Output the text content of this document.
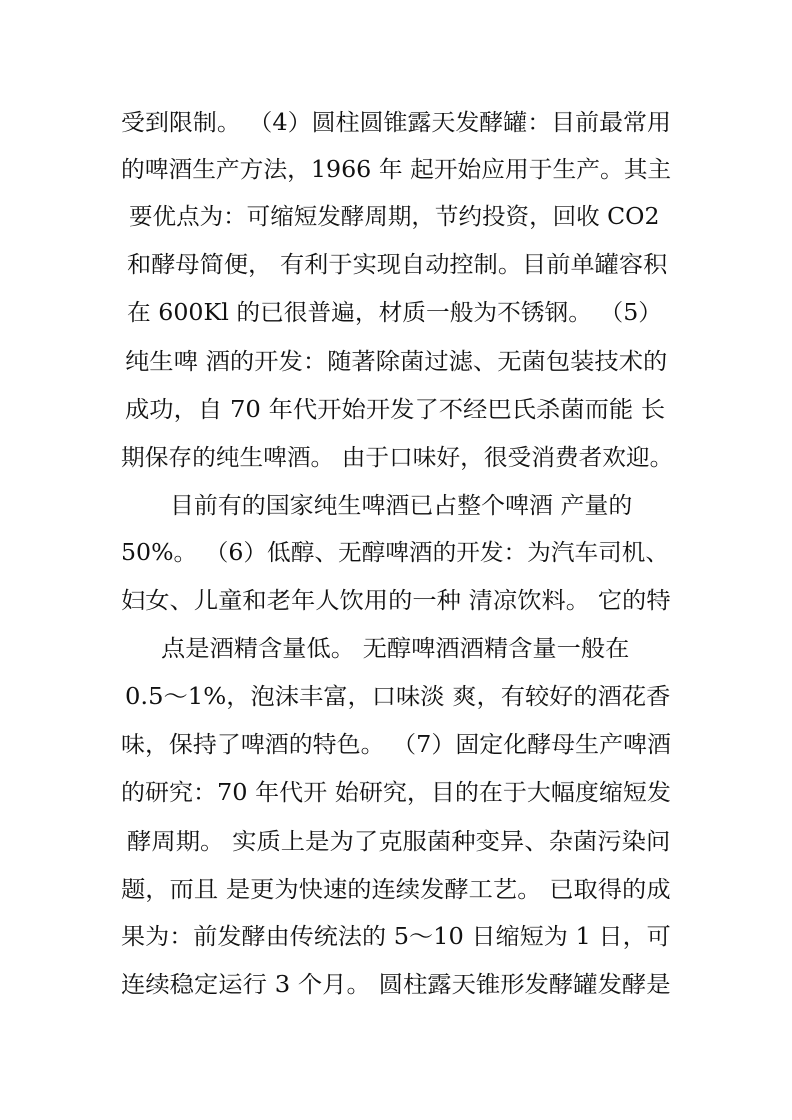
受到限制。 （4）圆柱圆锥露天发酵罐：目前最常用
的啤酒生产方法，1966 年 起开始应用于生产。其主
要优点为：可缩短发酵周期，节约投资，回收 CO2
和酵母简便， 有利于实现自动控制。目前单罐容积
在 600Kl 的已很普遍，材质一般为不锈钢。 （5）
纯生啤 酒的开发：随著除菌过滤、无菌包装技术的
成功，自 70 年代开始开发了不经巴氏杀菌而能 长
期保存的纯生啤酒。 由于口味好，很受消费者欢迎。
目前有的国家纯生啤酒已占整个啤酒 产量的
50%。 （6）低醇、无醇啤酒的开发：为汽车司机、
妇女、儿童和老年人饮用的一种 清凉饮料。 它的特
点是酒精含量低。 无醇啤酒酒精含量一般在
0.5～1%，泡沫丰富，口味淡 爽，有较好的酒花香
味，保持了啤酒的特色。 （7）固定化酵母生产啤酒
的研究：70 年代开 始研究，目的在于大幅度缩短发
酵周期。 实质上是为了克服菌种变异、杂菌污染问
题，而且 是更为快速的连续发酵工艺。 已取得的成
果为：前发酵由传统法的 5～10 日缩短为 1 日，可
连续稳定运行 3 个月。 圆柱露天锥形发酵罐发酵是
